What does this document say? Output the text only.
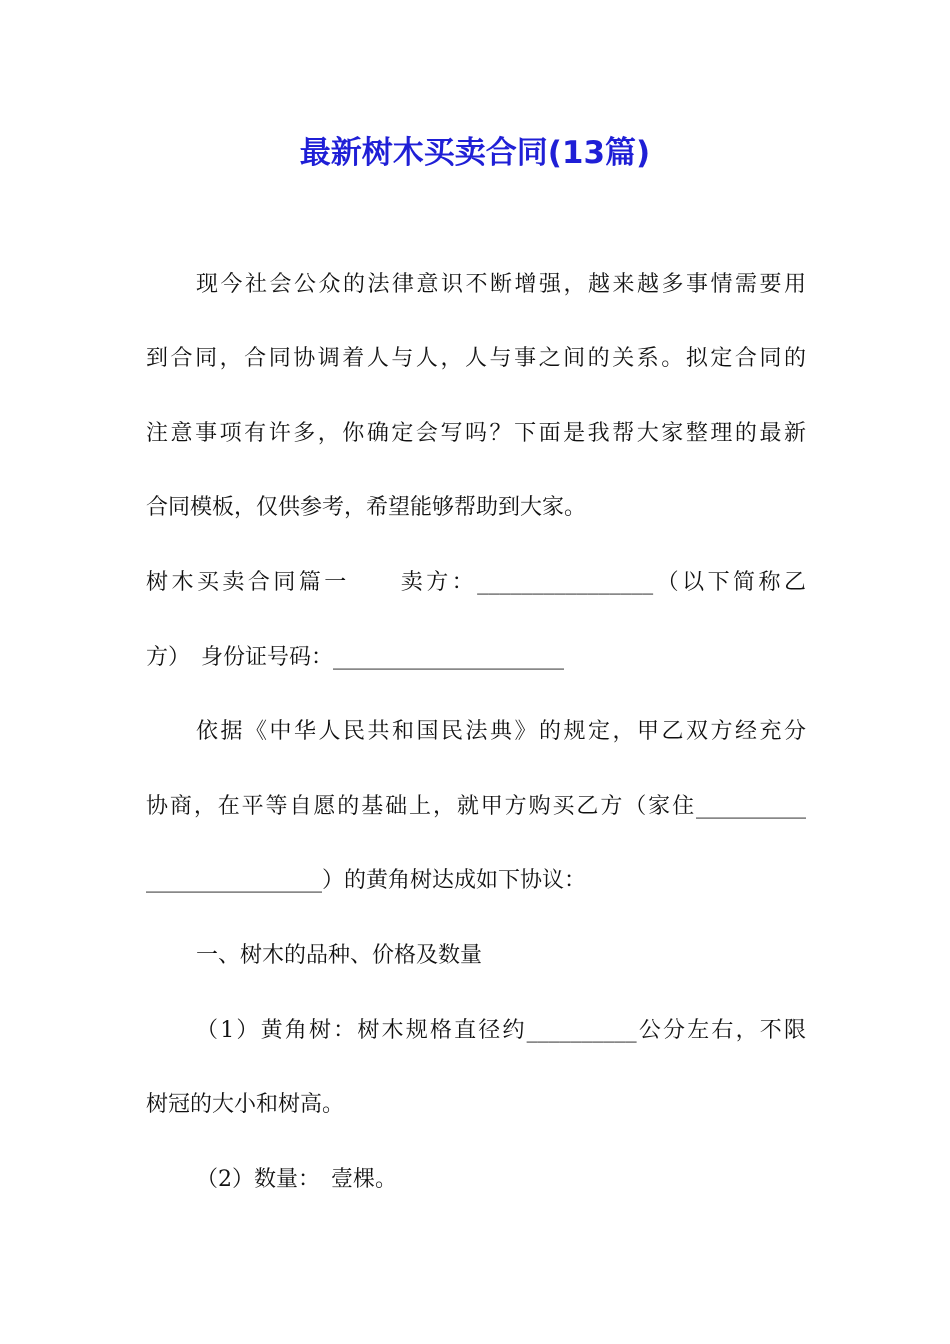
最新树木买卖合同(13篇)

现今社会公众的法律意识不断增强，越来越多事情需要用

到合同，合同协调着人与人，人与事之间的关系。拟定合同的

注意事项有许多，你确定会写吗？下面是我帮大家整理的最新

合同模板，仅供参考，希望能够帮助到大家。

树木买卖合同篇一　　卖方：________________（以下简称乙

方）　身份证号码：_____________________

依据《中华人民共和国民法典》的规定，甲乙双方经充分

协商，在平等自愿的基础上，就甲方购买乙方（家住__________

________________）的黄角树达成如下协议：

一、树木的品种、价格及数量

（1）黄角树：树木规格直径约__________公分左右，不限

树冠的大小和树高。

（2）数量：　壹棵。
